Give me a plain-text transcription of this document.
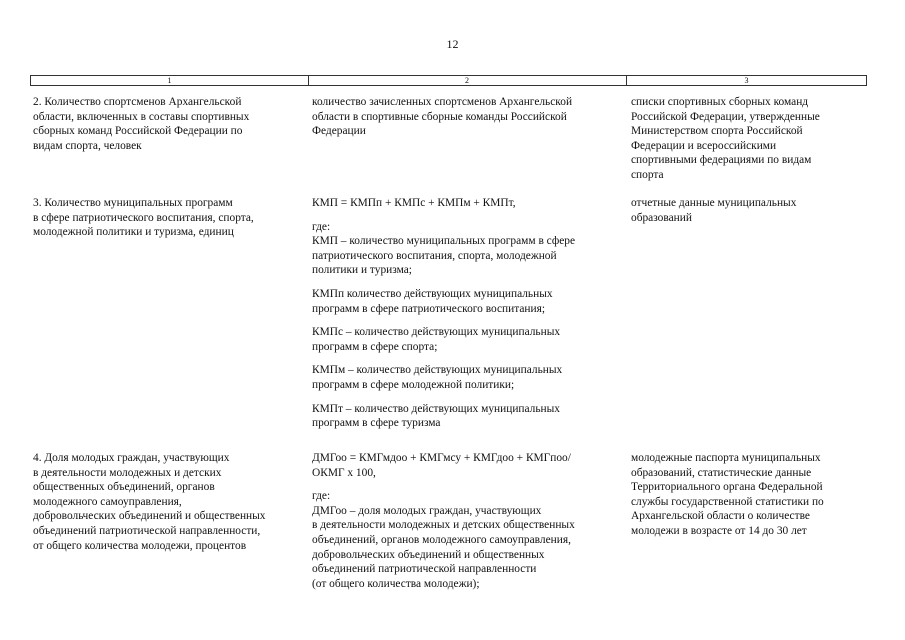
12
1	2	3

2. Количество спортсменов Архангельской
области, включенных в составы спортивных
сборных команд Российской Федерации по
видам спорта, человек

количество зачисленных спортсменов Архангельской
области в спортивные сборные команды Российской
Федерации

списки спортивных сборных команд
Российской Федерации, утвержденные
Министерством спорта Российской
Федерации и всероссийскими
спортивными федерациями по видам
спорта

3. Количество муниципальных программ
в сфере патриотического воспитания, спорта,
молодежной политики и туризма, единиц

КМП = КМПп + КМПс + КМПм + КМПт,

где:

КМП – количество муниципальных программ в сфере
патриотического воспитания, спорта, молодежной
политики и туризма;

КМПп количество действующих муниципальных
программ в сфере патриотического воспитания;

КМПс – количество действующих муниципальных
программ в сфере спорта;

КМПм – количество действующих муниципальных
программ в сфере молодежной политики;

КМПт – количество действующих муниципальных
программ в сфере туризма

отчетные данные муниципальных
образований

4. Доля молодых граждан, участвующих
в деятельности молодежных и детских
общественных объединений, органов
молодежного самоуправления,
добровольческих объединений и общественных
объединений патриотической направленности,
от общего количества молодежи, процентов

ДМГоо = КМГмдоо + КМГмсу + КМГдоо + КМГпоо/
ОКМГ х 100,

где:

ДМГоо – доля молодых граждан, участвующих
в деятельности молодежных и детских общественных
объединений, органов молодежного самоуправления,
добровольческих объединений и общественных
объединений патриотической направленности
(от общего количества молодежи);

молодежные паспорта муниципальных
образований, статистические данные
Территориального органа Федеральной
службы государственной статистики по
Архангельской области о количестве
молодежи в возрасте от 14 до 30 лет
